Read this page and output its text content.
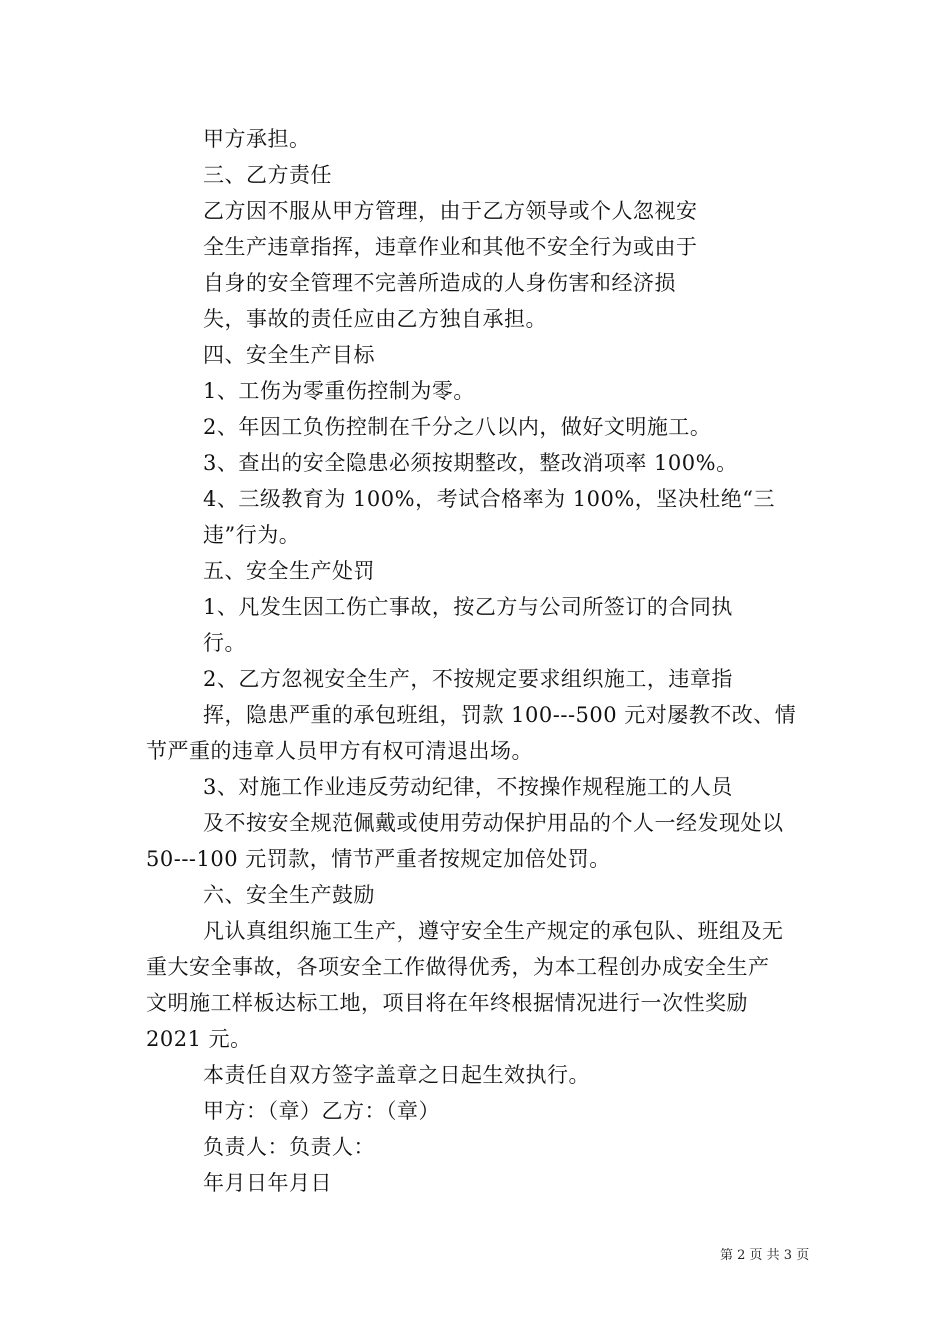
甲方承担。
三、乙方责任
乙方因不服从甲方管理，由于乙方领导或个人忽视安
全生产违章指挥，违章作业和其他不安全行为或由于
自身的安全管理不完善所造成的人身伤害和经济损
失，事故的责任应由乙方独自承担。
四、安全生产目标
1、工伤为零重伤控制为零。
2、年因工负伤控制在千分之八以内，做好文明施工。
3、查出的安全隐患必须按期整改，整改消项率 100%。
4、三级教育为 100%，考试合格率为 100%，坚决杜绝“三
违”行为。
五、安全生产处罚
1、凡发生因工伤亡事故，按乙方与公司所签订的合同执
行。
2、乙方忽视安全生产，不按规定要求组织施工，违章指
挥，隐患严重的承包班组，罚款 100---500 元对屡教不改、情
节严重的违章人员甲方有权可清退出场。
3、对施工作业违反劳动纪律，不按操作规程施工的人员
及不按安全规范佩戴或使用劳动保护用品的个人一经发现处以
50---100 元罚款，情节严重者按规定加倍处罚。
六、安全生产鼓励
凡认真组织施工生产，遵守安全生产规定的承包队、班组及无
重大安全事故，各项安全工作做得优秀，为本工程创办成安全生产
文明施工样板达标工地，项目将在年终根据情况进行一次性奖励
2021 元。
本责任自双方签字盖章之日起生效执行。
甲方：（章）乙方：（章）
负责人：负责人：
年月日年月日
第 2 页 共 3 页
